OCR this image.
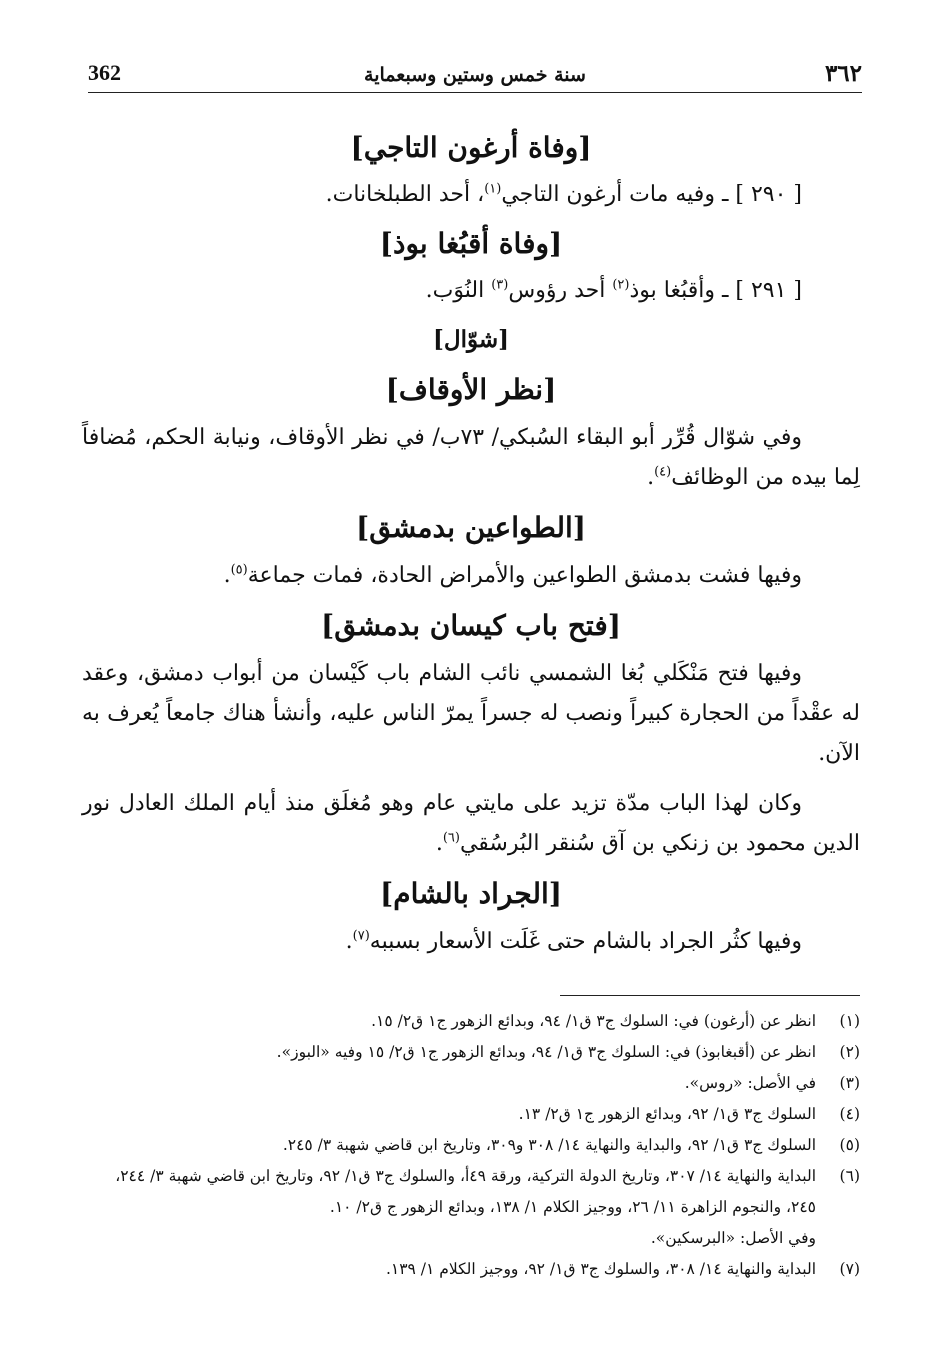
362	سنة خمس وستين وسبعماية	٣٦٢
[وفاة أرغون التاجي]
[ ٢٩٠ ] ـ وفيه مات أرغون التاجي$^{(١)}$، أحد الطبلخانات.
[وفاة أقبُغا بوذ]
[ ٢٩١ ] ـ وأقبُغا بوذ$^{(٢)}$ أحد رؤوس$^{(٣)}$ النُوَب.
[شوّال]
[نظر الأوقاف]

وفي شوّال قُرِّر أبو البقاء السُبكي/ ٧٣ب/ في نظر الأوقاف، ونيابة الحكم، مُضافاً لِما بيده من الوظائف$^{(٤)}$.

[الطواعين بدمشق]

وفيها فشت بدمشق الطواعين والأمراض الحادة، فمات جماعة$^{(٥)}$.

[فتح باب كيسان بدمشق]

وفيها فتح مَنْكَلي بُغا الشمسي نائب الشام باب كَيْسان من أبواب دمشق، وعقد له عقْداً من الحجارة كبيراً ونصب له جسراً يمرّ الناس عليه، وأنشأ هناك جامعاً يُعرف به الآن.

وكان لهذا الباب مدّة تزيد على مايتي عام وهو مُغلَق منذ أيام الملك العادل نور الدين محمود بن زنكي بن آق سُنقر البُرسُقي$^{(٦)}$.

[الجراد بالشام]

وفيها كثُر الجراد بالشام حتى غَلَت الأسعار بسببه$^{(٧)}$.

(١)
انظر عن (أرغون) في: السلوك ج٣ ق١/ ٩٤، وبدائع الزهور ج١ ق٢/ ١٥.
(٢)
انظر عن (أقبغابوذ) في: السلوك ج٣ ق١/ ٩٤، وبدائع الزهور ج١ ق٢/ ١٥ وفيه «البوز».
(٣)
في الأصل: «روس».
(٤)
السلوك ج٣ ق١/ ٩٢، وبدائع الزهور ج١ ق٢/ ١٣.
(٥)
السلوك ج٣ ق١/ ٩٢، والبداية والنهاية ١٤/ ٣٠٨ و٣٠٩، وتاريخ ابن قاضي شهبة ٣/ ٢٤٥.
(٦)
البداية والنهاية ١٤/ ٣٠٧، وتاريخ الدولة التركية، ورقة ٤٩أ، والسلوك ج٣ ق١/ ٩٢، وتاريخ ابن قاضي شهبة ٣/ ٢٤٤، ٢٤٥، والنجوم الزاهرة ١١/ ٢٦، ووجيز الكلام ١/ ١٣٨، وبدائع الزهور ج ق٢/ ١٠.
وفي الأصل: «البرسكين».
(٧)
البداية والنهاية ١٤/ ٣٠٨، والسلوك ج٣ ق١/ ٩٢، ووجيز الكلام ١/ ١٣٩.
